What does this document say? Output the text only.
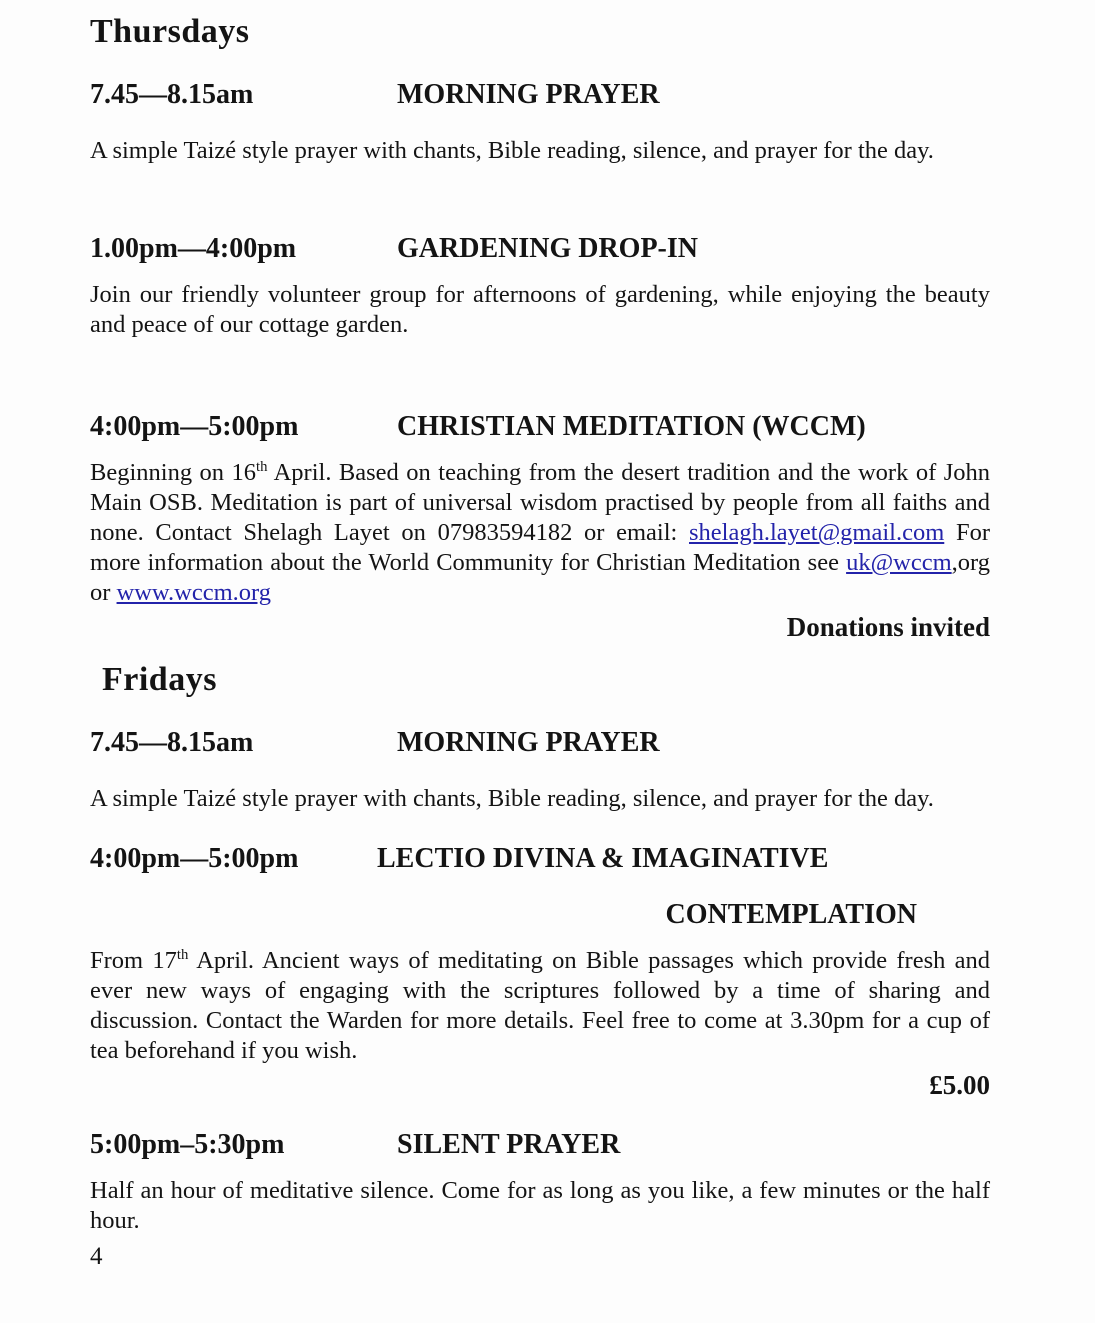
Thursdays
7.45—8.15am	MORNING PRAYER

A simple Taizé style prayer with chants, Bible reading, silence, and prayer for the day.

1.00pm—4:00pm	GARDENING DROP-IN

Join our friendly volunteer group for afternoons of gardening, while enjoying the beauty and peace of our cottage garden.

4:00pm—5:00pm	CHRISTIAN MEDITATION (WCCM)

Beginning on 16th April. Based on teaching from the desert tradition and the work of John Main OSB. Meditation is part of universal wisdom practised by people from all faiths and none. Contact Shelagh Layet on 07983594182 or email: shelagh.layet@gmail.com For more information about the World Community for Christian Meditation see uk@wccm,org or www.wccm.org

Donations invited
Fridays
7.45—8.15am	MORNING PRAYER

A simple Taizé style prayer with chants, Bible reading, silence, and prayer for the day.

4:00pm—5:00pm	LECTIO DIVINA & IMAGINATIVE
CONTEMPLATION

From 17th April. Ancient ways of meditating on Bible passages which provide fresh and ever new ways of engaging with the scriptures followed by a time of sharing and discussion. Contact the Warden for more details. Feel free to come at 3.30pm for a cup of tea beforehand if you wish.

£5.00
5:00pm–5:30pm	SILENT PRAYER

Half an hour of meditative silence. Come for as long as you like, a few minutes or the half hour.

4
